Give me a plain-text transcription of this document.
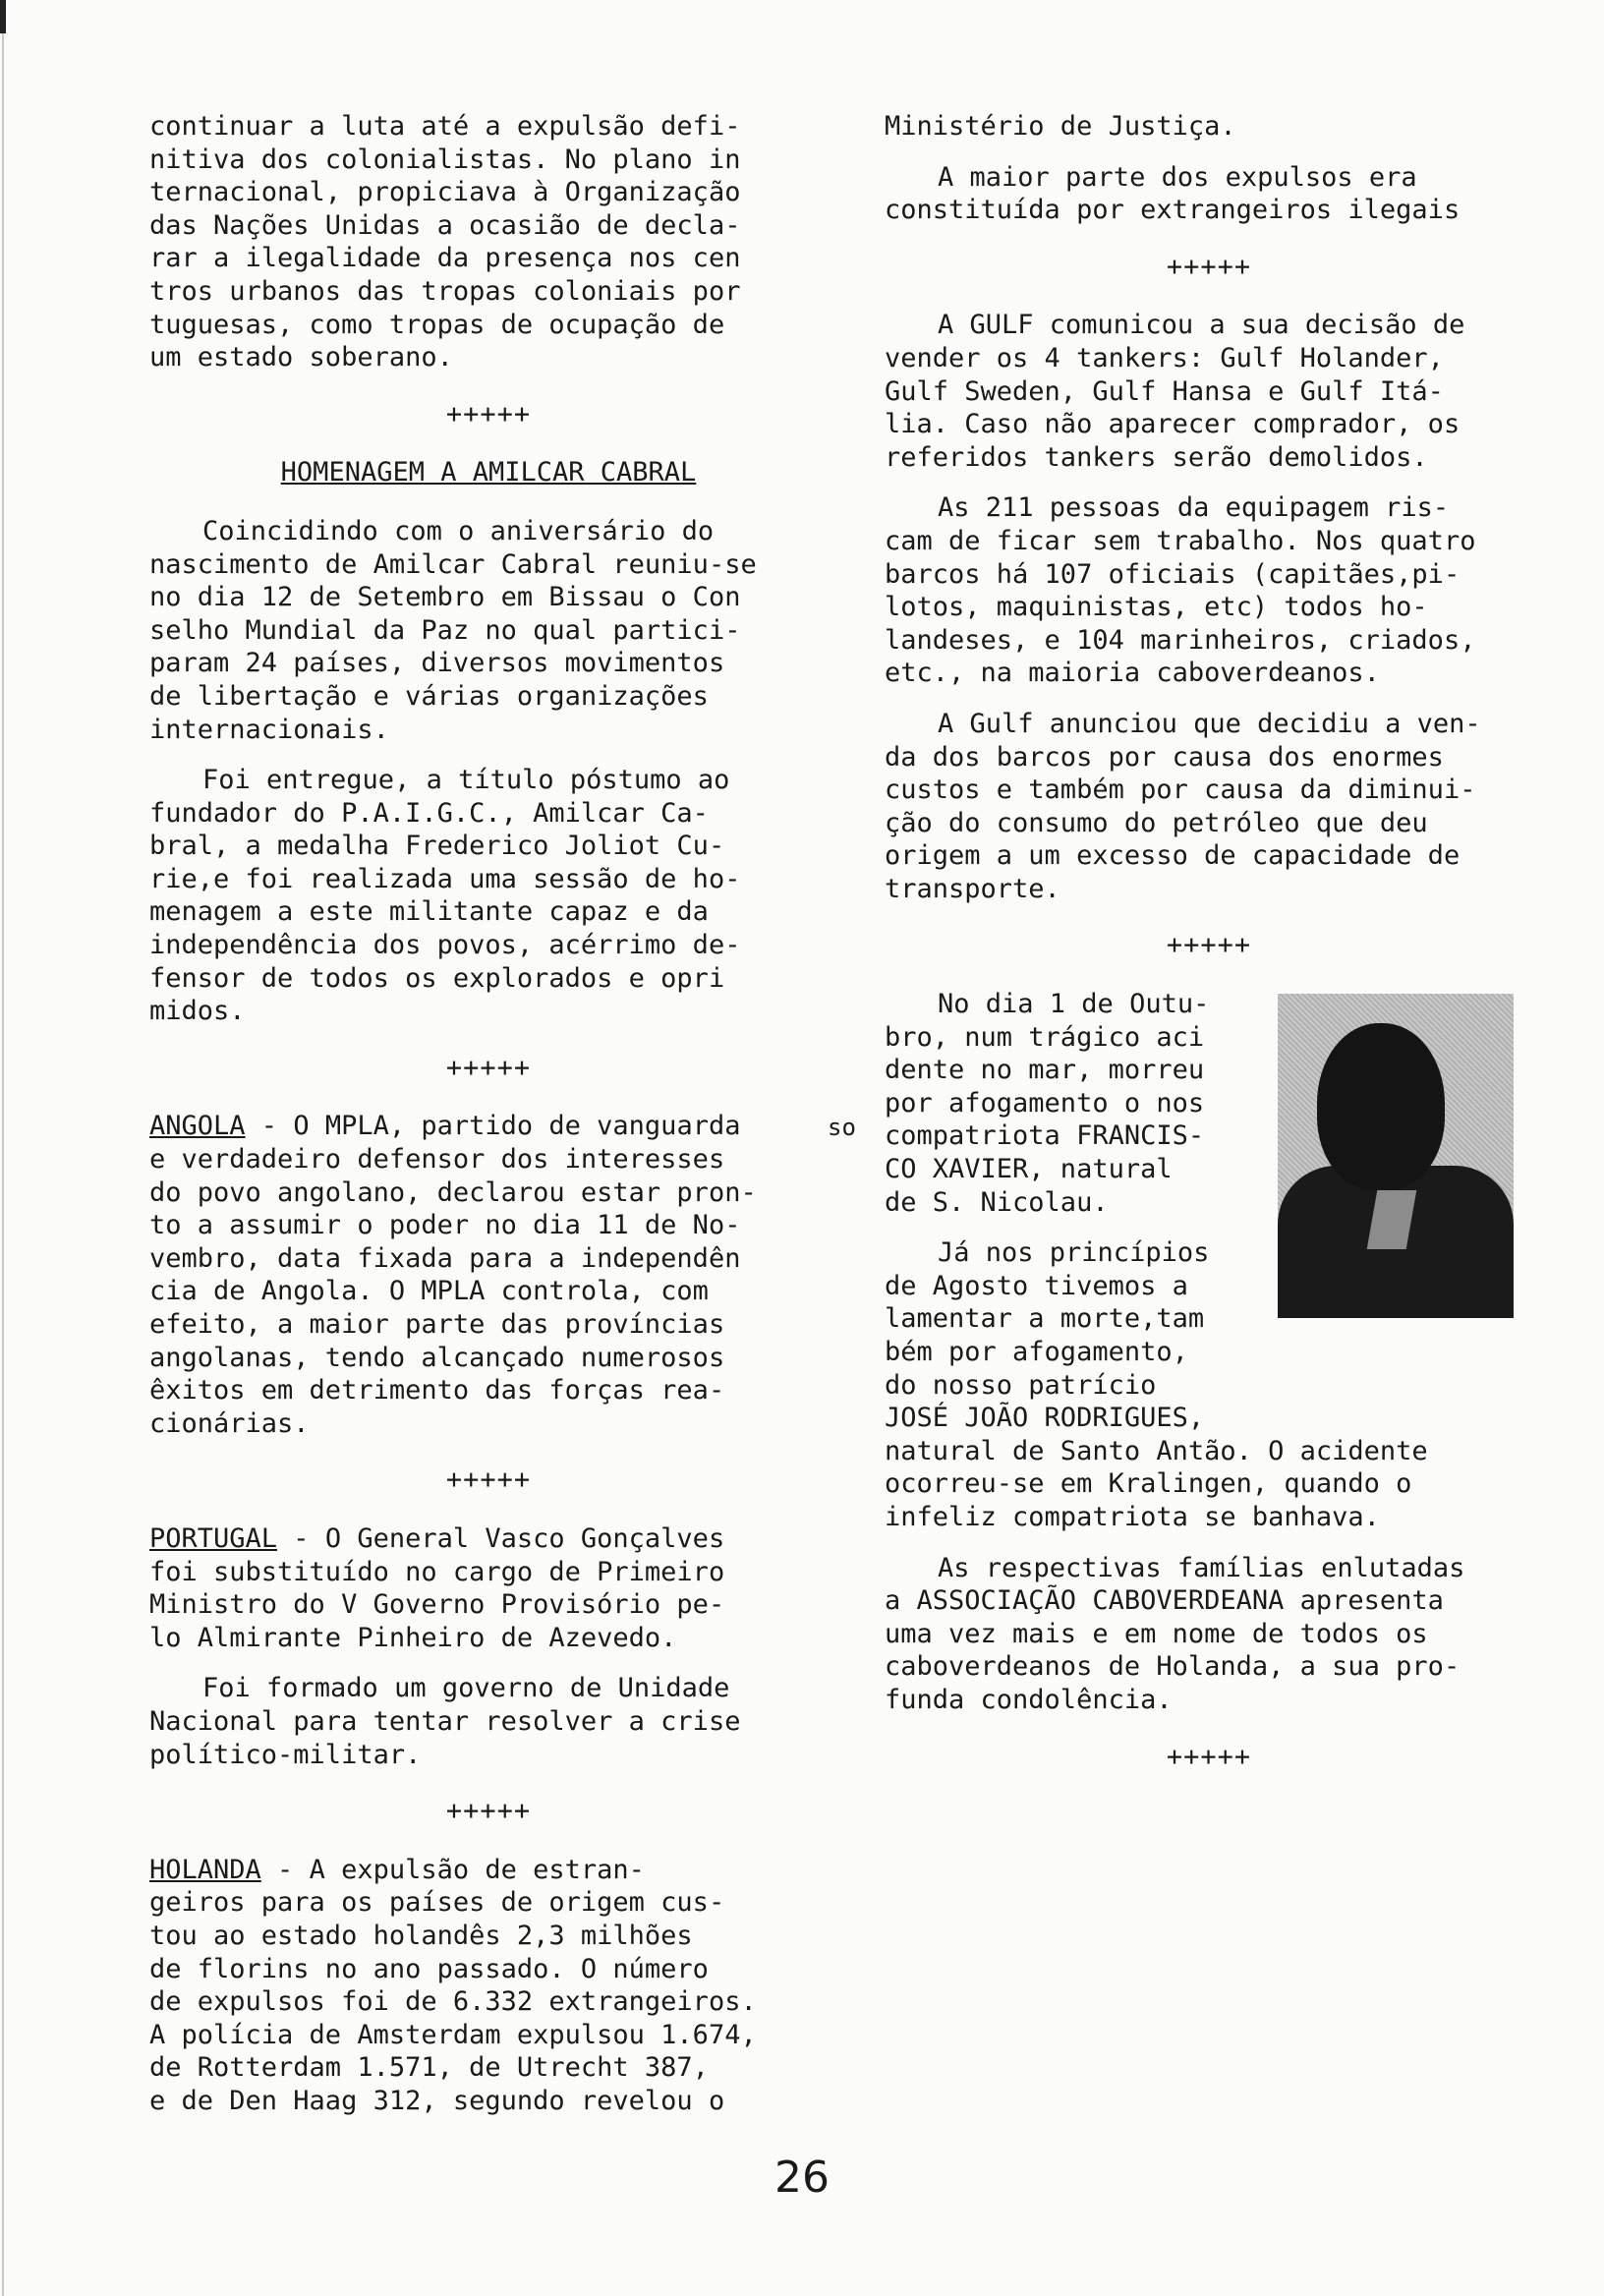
continuar a luta até a expulsão defi-
nitiva dos colonialistas. No plano in
ternacional, propiciava à Organização
das Nações Unidas a ocasião de decla-
rar a ilegalidade da presença nos cen
tros urbanos das tropas coloniais por
tuguesas, como tropas de ocupação de
um estado soberano.

+++++

HOMENAGEM A AMILCAR CABRAL

Coincidindo com o aniversário do
nascimento de Amilcar Cabral reuniu-se
no dia 12 de Setembro em Bissau o Con
selho Mundial da Paz no qual partici-
param 24 países, diversos movimentos
de libertação e várias organizações
internacionais.

Foi entregue, a título póstumo ao
fundador do P.A.I.G.C., Amilcar Ca-
bral, a medalha Frederico Joliot Cu-
rie,e foi realizada uma sessão de ho-
menagem a este militante capaz e da
independência dos povos, acérrimo de-
fensor de todos os explorados e opri
midos.

+++++

ANGOLA - O MPLA, partido de vanguarda
e verdadeiro defensor dos interesses
do povo angolano, declarou estar pron-
to a assumir o poder no dia 11 de No-
vembro, data fixada para a independên
cia de Angola. O MPLA controla, com
efeito, a maior parte das províncias
angolanas, tendo alcançado numerosos
êxitos em detrimento das forças rea-
cionárias.

+++++

PORTUGAL - O General Vasco Gonçalves
foi substituído no cargo de Primeiro
Ministro do V Governo Provisório pe-
lo Almirante Pinheiro de Azevedo.

Foi formado um governo de Unidade
Nacional para tentar resolver a crise
político-militar.

+++++

HOLANDA - A expulsão de estran-
geiros para os países de origem cus-
tou ao estado holandês 2,3 milhões
de florins no ano passado. O número
de expulsos foi de 6.332 extrangeiros.
A polícia de Amsterdam expulsou 1.674,
de Rotterdam 1.571, de Utrecht 387,
e de Den Haag 312, segundo revelou o

so

Ministério de Justiça.

A maior parte dos expulsos era
constituída por extrangeiros ilegais

+++++

A GULF comunicou a sua decisão de
vender os 4 tankers: Gulf Holander,
Gulf Sweden, Gulf Hansa e Gulf Itá-
lia. Caso não aparecer comprador, os
referidos tankers serão demolidos.

As 211 pessoas da equipagem ris-
cam de ficar sem trabalho. Nos quatro
barcos há 107 oficiais (capitães,pi-
lotos, maquinistas, etc) todos ho-
landeses, e 104 marinheiros, criados,
etc., na maioria caboverdeanos.

A Gulf anunciou que decidiu a ven-
da dos barcos por causa dos enormes
custos e também por causa da diminui-
ção do consumo do petróleo que deu
origem a um excesso de capacidade de
transporte.

+++++

No dia 1 de Outu-
bro, num trágico aci
dente no mar, morreu
por afogamento o nos
compatriota FRANCIS-
CO XAVIER, natural
de S. Nicolau.

Já nos princípios
de Agosto tivemos a
lamentar a morte,tam
bém por afogamento,
do nosso patrício
JOSÉ JOÃO RODRIGUES,

natural de Santo Antão. O acidente
ocorreu-se em Kralingen, quando o
infeliz compatriota se banhava.

As respectivas famílias enlutadas
a ASSOCIAÇÃO CABOVERDEANA apresenta
uma vez mais e em nome de todos os
caboverdeanos de Holanda, a sua pro-
funda condolência.

+++++

26
